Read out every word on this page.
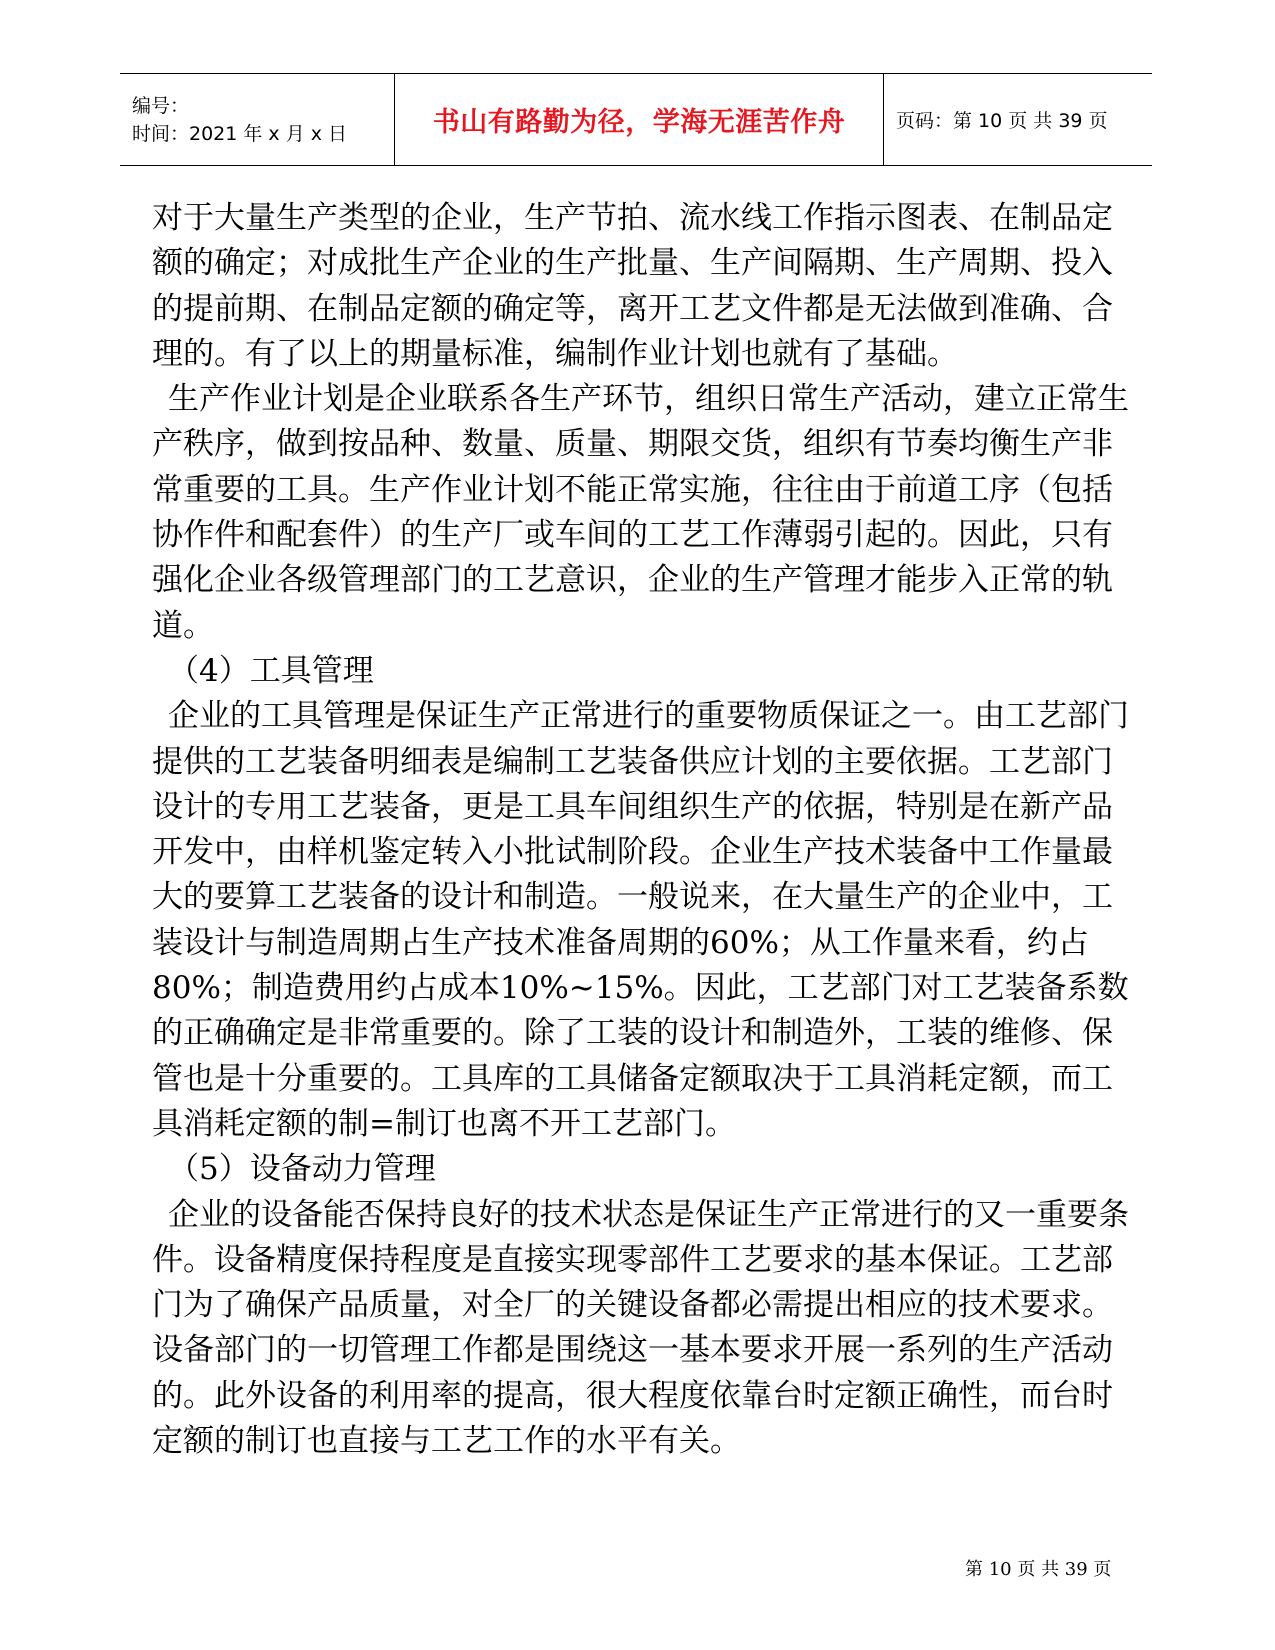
编号：
时间：2021 年 x 月 x 日	书山有路勤为径，学海无涯苦作舟	页码：第 10 页 共 39 页

对于大量生产类型的企业，生产节拍、流水线工作指示图表、在制品定额的确定；对成批生产企业的生产批量、生产间隔期、生产周期、投入的提前期、在制品定额的确定等，离开工艺文件都是无法做到准确、合理的。有了以上的期量标准，编制作业计划也就有了基础。

生产作业计划是企业联系各生产环节，组织日常生产活动，建立正常生产秩序，做到按品种、数量、质量、期限交货，组织有节奏均衡生产非常重要的工具。生产作业计划不能正常实施，往往由于前道工序（包括协作件和配套件）的生产厂或车间的工艺工作薄弱引起的。因此，只有强化企业各级管理部门的工艺意识，企业的生产管理才能步入正常的轨道。

（4）工具管理

企业的工具管理是保证生产正常进行的重要物质保证之一。由工艺部门提供的工艺装备明细表是编制工艺装备供应计划的主要依据。工艺部门设计的专用工艺装备，更是工具车间组织生产的依据，特别是在新产品开发中，由样机鉴定转入小批试制阶段。企业生产技术装备中工作量最大的要算工艺装备的设计和制造。一般说来，在大量生产的企业中，工装设计与制造周期占生产技术准备周期的60%；从工作量来看，约占80%；制造费用约占成本10%~15%。因此，工艺部门对工艺装备系数的正确确定是非常重要的。除了工装的设计和制造外，工装的维修、保管也是十分重要的。工具库的工具储备定额取决于工具消耗定额，而工具消耗定额的制=制订也离不开工艺部门。

（5）设备动力管理

企业的设备能否保持良好的技术状态是保证生产正常进行的又一重要条件。设备精度保持程度是直接实现零部件工艺要求的基本保证。工艺部门为了确保产品质量，对全厂的关键设备都必需提出相应的技术要求。设备部门的一切管理工作都是围绕这一基本要求开展一系列的生产活动的。此外设备的利用率的提高，很大程度依靠台时定额正确性，而台时定额的制订也直接与工艺工作的水平有关。

第 10 页 共 39 页
